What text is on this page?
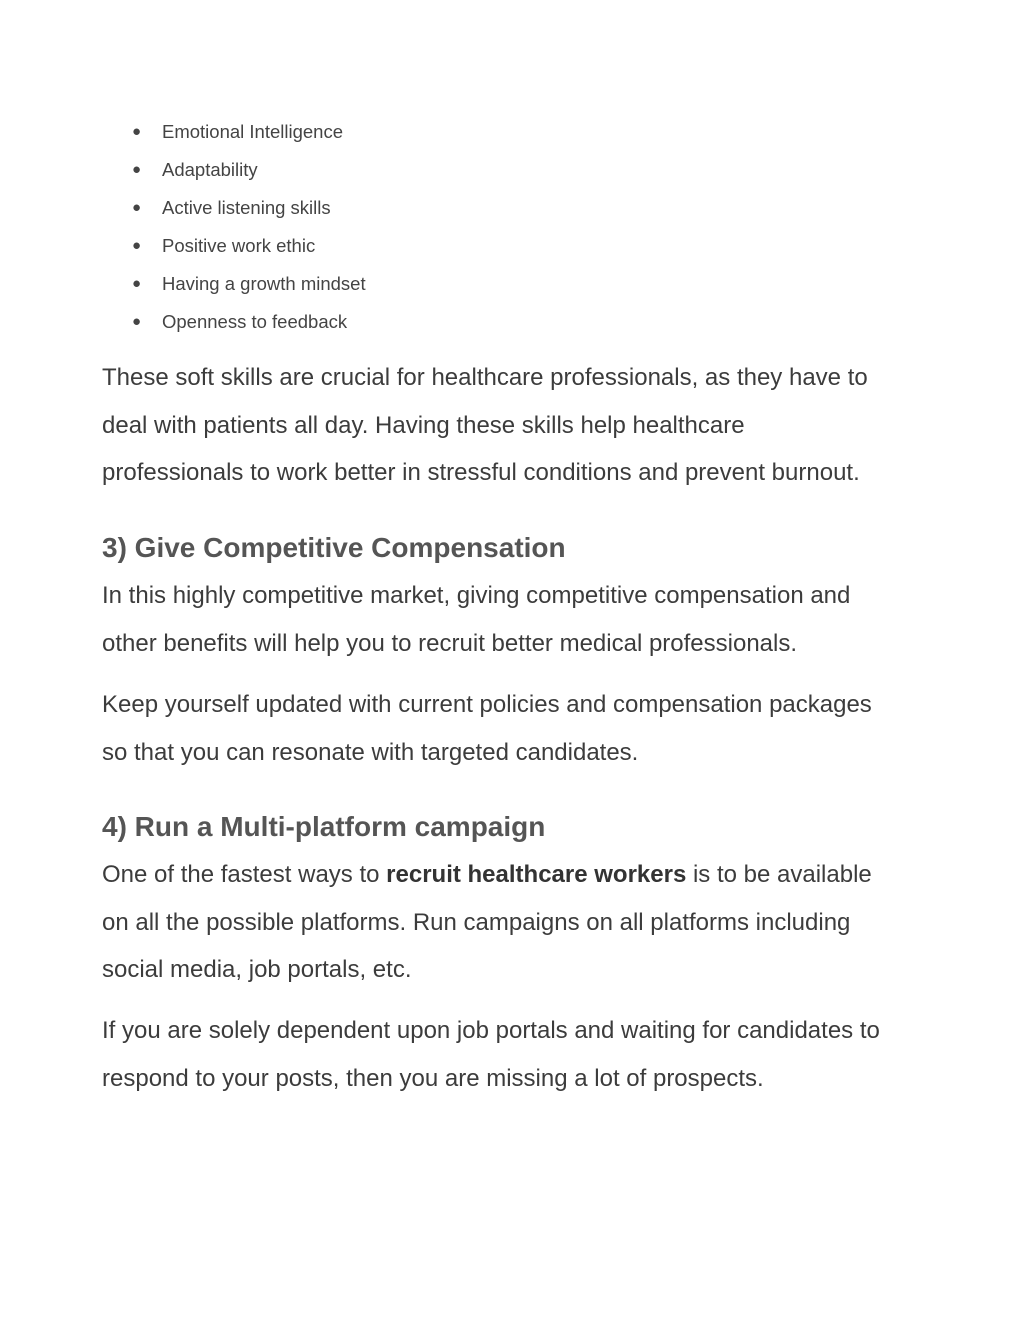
● Emotional Intelligence
● Adaptability
● Active listening skills
● Positive work ethic
● Having a growth mindset
● Openness to feedback

These soft skills are crucial for healthcare professionals, as they have to
deal with patients all day. Having these skills help healthcare
professionals to work better in stressful conditions and prevent burnout.

3) Give Competitive Compensation

In this highly competitive market, giving competitive compensation and
other benefits will help you to recruit better medical professionals.

Keep yourself updated with current policies and compensation packages
so that you can resonate with targeted candidates.

4) Run a Multi-platform campaign

One of the fastest ways to recruit healthcare workers is to be available
on all the possible platforms. Run campaigns on all platforms including
social media, job portals, etc.

If you are solely dependent upon job portals and waiting for candidates to
respond to your posts, then you are missing a lot of prospects.
